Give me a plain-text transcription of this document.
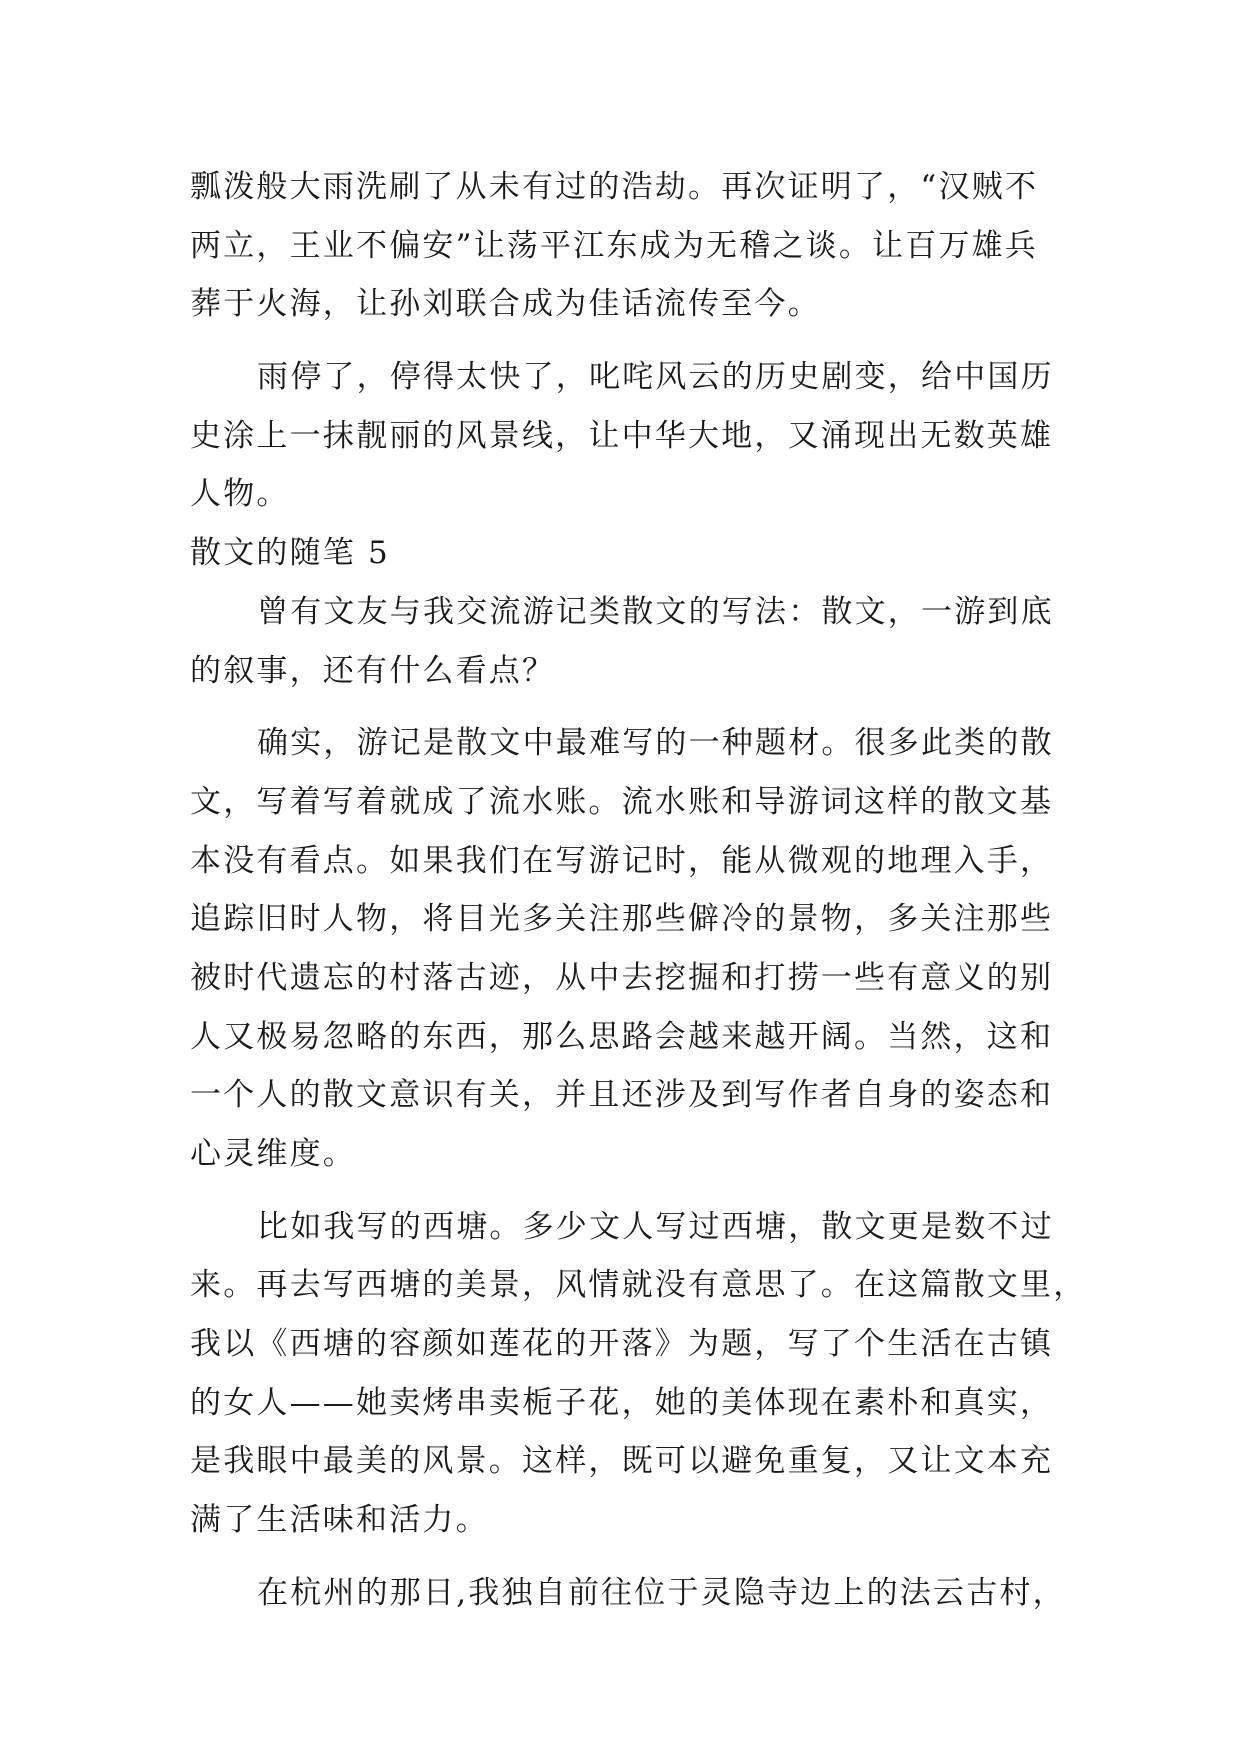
瓢泼般大雨洗刷了从未有过的浩劫。再次证明了，“汉贼不
两立，王业不偏安”让荡平江东成为无稽之谈。让百万雄兵
葬于火海，让孙刘联合成为佳话流传至今。
雨停了，停得太快了，叱咤风云的历史剧变，给中国历
史涂上一抹靓丽的风景线，让中华大地，又涌现出无数英雄
人物。
散文的随笔 5
曾有文友与我交流游记类散文的写法：散文，一游到底
的叙事，还有什么看点？
确实，游记是散文中最难写的一种题材。很多此类的散
文，写着写着就成了流水账。流水账和导游词这样的散文基
本没有看点。如果我们在写游记时，能从微观的地理入手，
追踪旧时人物，将目光多关注那些僻冷的景物，多关注那些
被时代遗忘的村落古迹，从中去挖掘和打捞一些有意义的别
人又极易忽略的东西，那么思路会越来越开阔。当然，这和
一个人的散文意识有关，并且还涉及到写作者自身的姿态和
心灵维度。
比如我写的西塘。多少文人写过西塘，散文更是数不过
来。再去写西塘的美景，风情就没有意思了。在这篇散文里，
我以《西塘的容颜如莲花的开落》为题，写了个生活在古镇
的女人——她卖烤串卖栀子花，她的美体现在素朴和真实，
是我眼中最美的风景。这样，既可以避免重复，又让文本充
满了生活味和活力。
在杭州的那日,我独自前往位于灵隐寺边上的法云古村，
